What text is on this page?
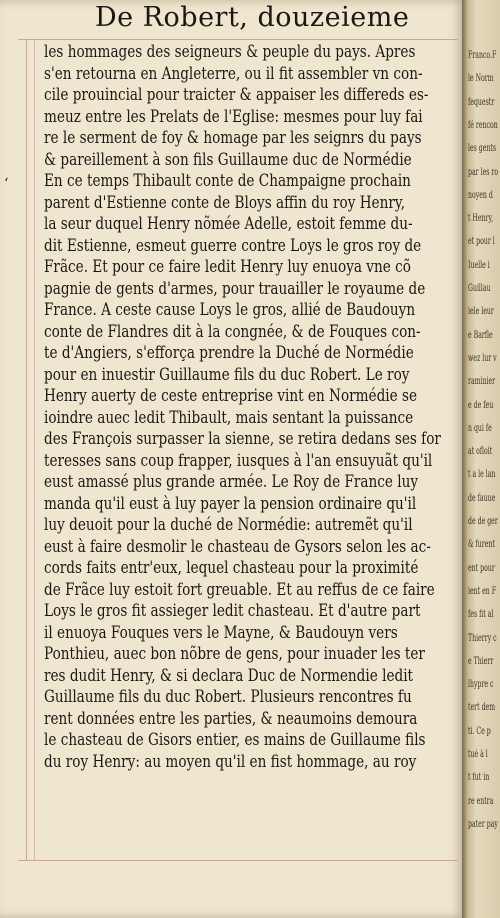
De Robert, douzeieme
‘
les hommages des seigneurs & peuple du pays. Apres
s'en retourna en Angleterre, ou il fit assembler vn con-
cile prouincial pour traicter & appaiser les differeds es-
meuz entre les Prelats de l'Eglise: mesmes pour luy fai
re le serment de foy & homage par les seignrs du pays
& pareillement à son fils Guillaume duc de Normédie
En ce temps Thibault conte de Champaigne prochain
parent d'Estienne conte de Bloys affin du roy Henry,
la seur duquel Henry nõmée Adelle, estoit femme du-
dit Estienne, esmeut guerre contre Loys le gros roy de
Frãce. Et pour ce faire ledit Henry luy enuoya vne cõ
pagnie de gents d'armes, pour trauailler le royaume de
France. A ceste cause Loys le gros, allié de Baudouyn
conte de Flandres dit à la congnée, & de Fouques con-
te d'Angiers, s'efforça prendre la Duché de Normédie
pour en inuestir Guillaume fils du duc Robert. Le roy
Henry auerty de ceste entreprise vint en Normédie se
ioindre auec ledit Thibault, mais sentant la puissance
des François surpasser la sienne, se retira dedans ses for
teresses sans coup frapper, iusques à l'an ensuyuãt qu'il
eust amassé plus grande armée. Le Roy de France luy
manda qu'il eust à luy payer la pension ordinaire qu'il
luy deuoit pour la duché de Normédie: autremẽt qu'il
eust à faire desmolir le chasteau de Gysors selon les ac-
cords faits entr'eux, lequel chasteau pour la proximité
de Frãce luy estoit fort greuable. Et au reffus de ce faire
Loys le gros fit assieger ledit chasteau. Et d'autre part
il enuoya Fouques vers le Mayne, & Baudouyn vers
Ponthieu, auec bon nõbre de gens, pour inuader les ter
res dudit Henry, & si declara Duc de Normendie ledit
Guillaume fils du duc Robert. Plusieurs rencontres fu
rent données entre les parties, & neaumoins demoura
le chasteau de Gisors entier, es mains de Guillaume fils
du roy Henry: au moyen qu'il en fist hommage, au roy
Franco.F
le Norm
fequestr
fé rencon
les gents
par les ro
noyen d
t Henry,
et pour l
Iuelle i
Guillau
iele leur
e Barfle
wez lur v
raminier
e de feu
n qui fe
at ofloit
t a le lan
de fauue
de de ger
& furent
ent pour
ient en F
fes fit al
Thierry c
e Thierr
lhypre c
tert dem
ti. Ce p
tué à l
t fut in
re entra
pater pay
